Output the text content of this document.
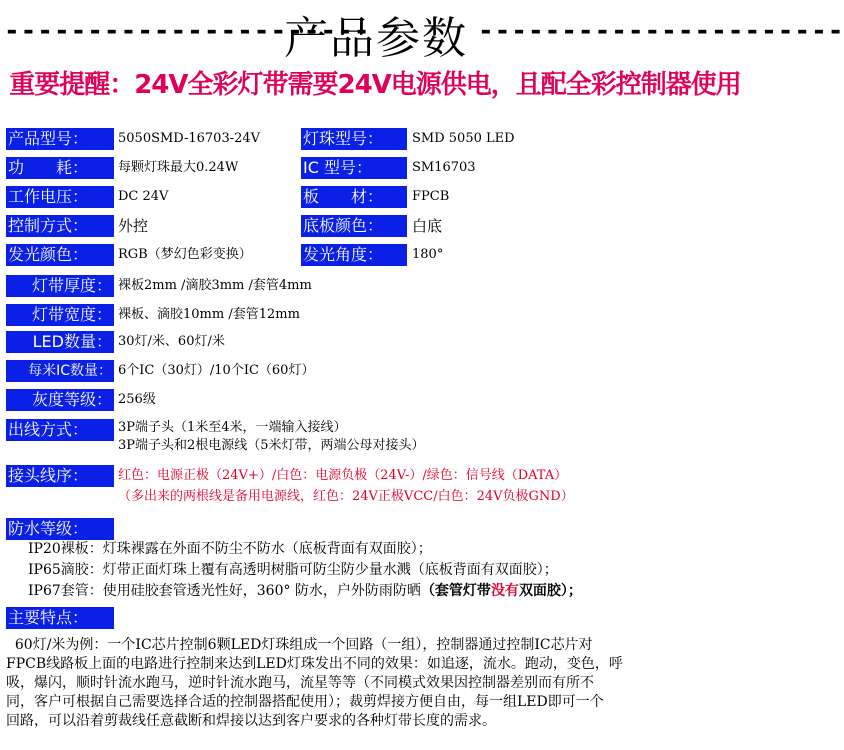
----------------------
产品参数 ----------------------
重要提醒：24V全彩灯带需要24V电源供电，且配全彩控制器使用
产品型号：	5050SMD-16703-24V	灯珠型号：	SMD 5050 LED
功　　耗：	每颗灯珠最大0.24W	IC 型号：	SM16703
工作电压：	DC 24V	板　　材：	FPCB
控制方式：	外控	底板颜色：	白底
发光颜色：	RGB（梦幻色彩变换）	发光角度：	180°
灯带厚度： 裸板2mm /滴胶3mm /套管4mm
灯带宽度： 裸板、滴胶10mm /套管12mm
LED数量： 30灯/米、60灯/米
每米IC数量： 6个IC（30灯）/10个IC（60灯）
灰度等级： 256级
出线方式：	3P端子头（1米至4米，一端输入接线）
3P端子头和2根电源线（5米灯带，两端公母对接头）
接头线序：	红色：电源正极（24V+）/白色：电源负极（24V-）/绿色：信号线（DATA）
（多出来的两根线是备用电源线，红色：24V正极VCC/白色：24V负极GND）
防水等级：
IP20裸板：灯珠裸露在外面不防尘不防水（底板背面有双面胶）；
IP65滴胶：灯带正面灯珠上覆有高透明树脂可防尘防少量水溅（底板背面有双面胶）；
IP67套管：使用硅胶套管透光性好，360° 防水，户外防雨防晒（套管灯带没有双面胶）；
主要特点：
60灯/米为例：一个IC芯片控制6颗LED灯珠组成一个回路（一组），控制器通过控制IC芯片对
FPCB线路板上面的电路进行控制来达到LED灯珠发出不同的效果：如追逐，流水。跑动，变色，呼
吸，爆闪，顺时针流水跑马，逆时针流水跑马，流星等等（不同模式效果因控制器差别而有所不
同，客户可根据自己需要选择合适的控制器搭配使用）；裁剪焊接方便自由，每一组LED即可一个
回路，可以沿着剪裁线任意截断和焊接以达到客户要求的各种灯带长度的需求。
